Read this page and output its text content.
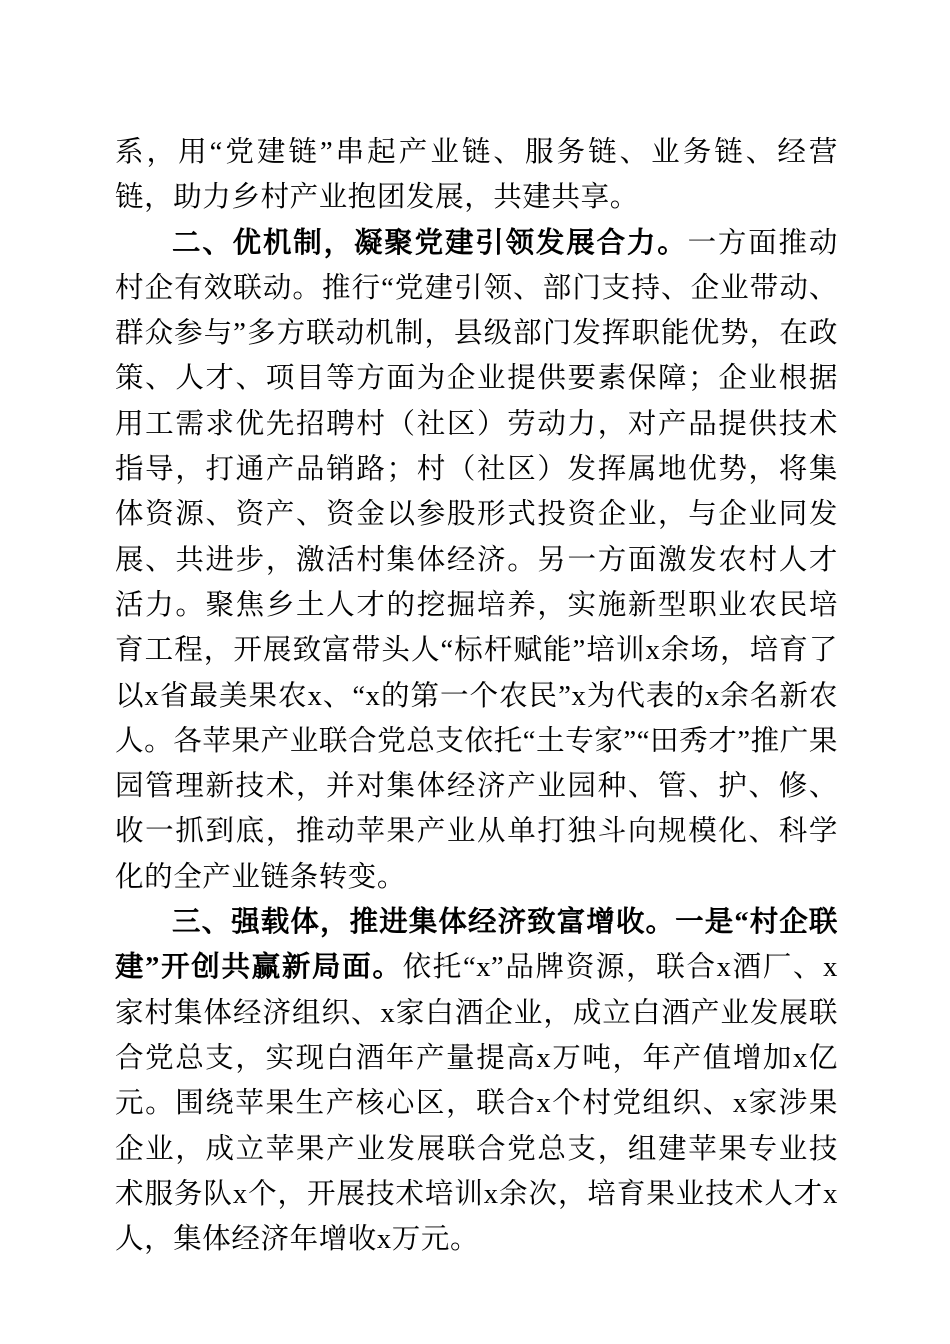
系，用“党建链”串起产业链、服务链、业务链、经营链，助力乡村产业抱团发展，共建共享。

二、优机制，凝聚党建引领发展合力。一方面推动村企有效联动。推行“党建引领、部门支持、企业带动、群众参与”多方联动机制，县级部门发挥职能优势，在政策、人才、项目等方面为企业提供要素保障；企业根据用工需求优先招聘村（社区）劳动力，对产品提供技术指导，打通产品销路；村（社区）发挥属地优势，将集体资源、资产、资金以参股形式投资企业，与企业同发展、共进步，激活村集体经济。另一方面激发农村人才活力。聚焦乡土人才的挖掘培养，实施新型职业农民培育工程，开展致富带头人“标杆赋能”培训x余场，培育了以x省最美果农x、“x的第一个农民”x为代表的x余名新农人。各苹果产业联合党总支依托“土专家”“田秀才”推广果园管理新技术，并对集体经济产业园种、管、护、修、收一抓到底，推动苹果产业从单打独斗向规模化、科学化的全产业链条转变。

三、强载体，推进集体经济致富增收。一是“村企联建”开创共赢新局面。依托“x”品牌资源，联合x酒厂、x家村集体经济组织、x家白酒企业，成立白酒产业发展联合党总支，实现白酒年产量提高x万吨，年产值增加x亿元。围绕苹果生产核心区，联合x个村党组织、x家涉果企业，成立苹果产业发展联合党总支，组建苹果专业技术服务队x个，开展技术培训x余次，培育果业技术人才x人，集体经济年增收x万元。
